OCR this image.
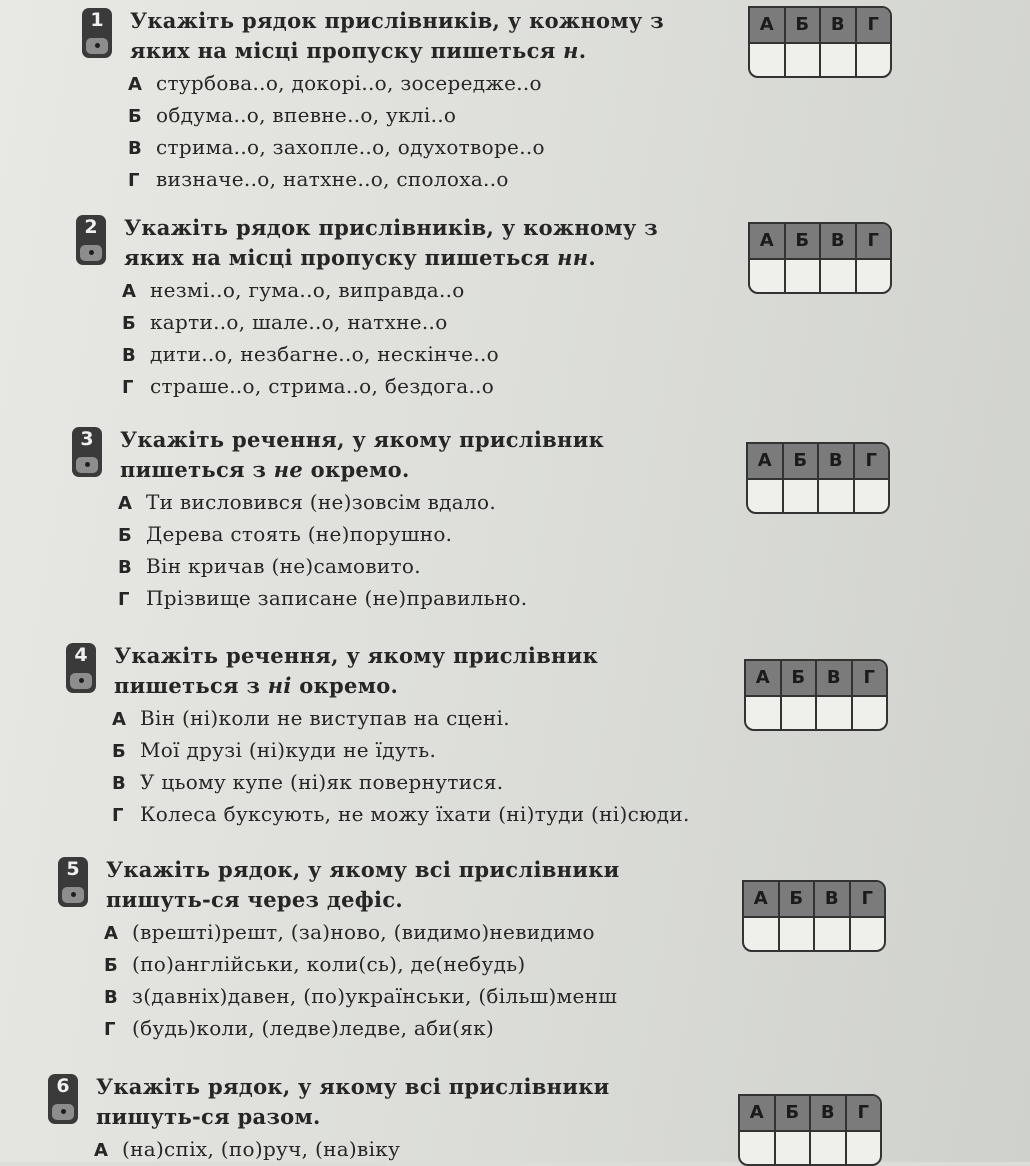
1	Укажіть рядок прислівників, у кожному з яких на місці пропуску пишеться н.
А стурбова..о, докорі..о, зосередже..о
Б обдума..о, впевне..о, уклі..о
В стрима..о, захопле..о, одухотворе..о
Г визначе..о, натхне..о, сполоха..о
А	Б	В	Г
2	Укажіть рядок прислівників, у кожному з яких на місці пропуску пишеться нн.
А незмі..о, гума..о, виправда..о
Б карти..о, шале..о, натхне..о
В дити..о, незбагне..о, нескінче..о
Г страше..о, стрима..о, бездога..о
А	Б	В	Г
3	Укажіть речення, у якому прислівник пишеться з не окремо.
А Ти висловився (не)зовсім вдало.
Б Дерева стоять (не)порушно.
В Він кричав (не)самовито.
Г Прізвище записане (не)правильно.
А	Б	В	Г
4	Укажіть речення, у якому прислівник пишеться з ні окремо.
А Він (ні)коли не виступав на сцені.
Б Мої друзі (ні)куди не їдуть.
В У цьому купе (ні)як повернутися.
Г Колеса буксують, не можу їхати (ні)туди (ні)сюди.
А	Б	В	Г
5	Укажіть рядок, у якому всі прислівники пишуть-ся через дефіс.
А (врешті)решт, (за)ново, (видимо)невидимо
Б (по)англійськи, коли(сь), де(небудь)
В з(давніх)давен, (по)українськи, (більш)менш
Г (будь)коли, (ледве)ледве, аби(як)
А	Б	В	Г
6	Укажіть рядок, у якому всі прислівники пишуть-ся разом.
А (на)спіх, (по)руч, (на)віку
А	Б	В	Г
